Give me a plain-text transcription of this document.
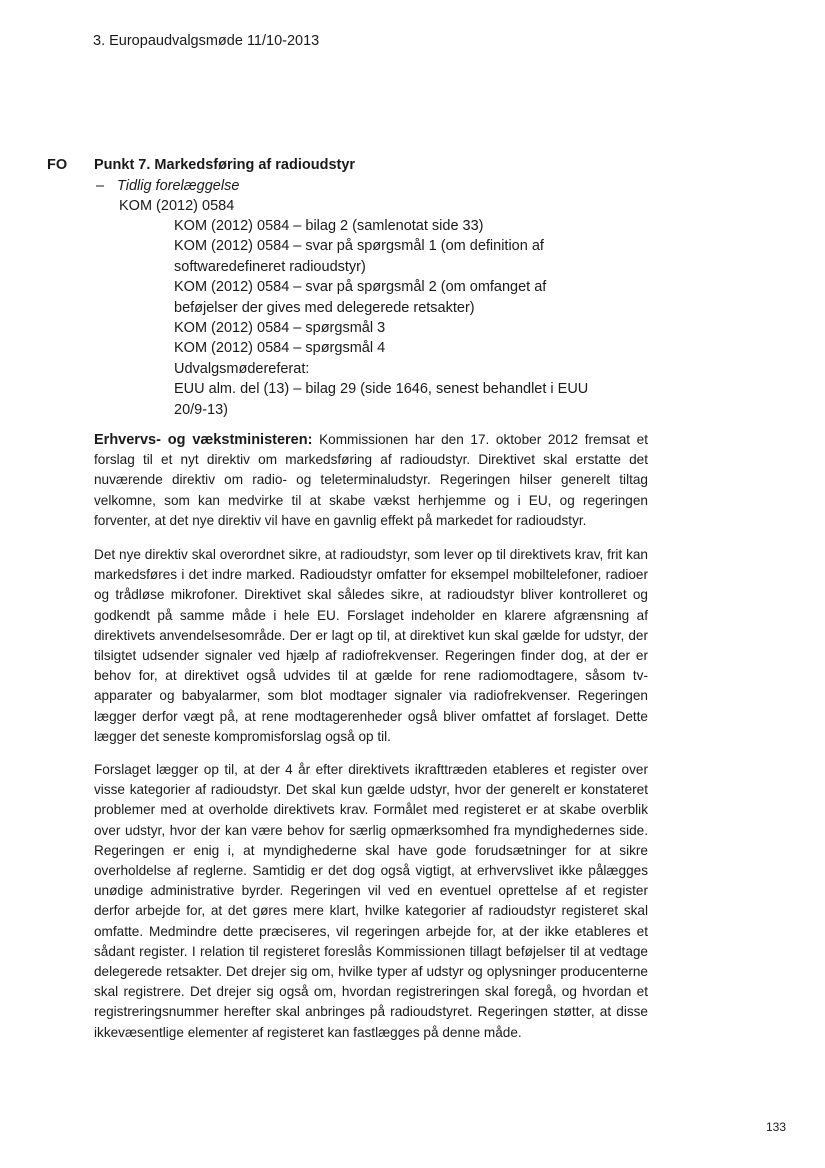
3. Europaudvalgsmøde 11/10-2013
FO Punkt 7. Markedsføring af radioudstyr
– Tidlig forelæggelse
KOM (2012) 0584
KOM (2012) 0584 – bilag 2 (samlenotat side 33)
KOM (2012) 0584 – svar på spørgsmål 1 (om definition af softwaredefineret radioudstyr)
KOM (2012) 0584 – svar på spørgsmål 2 (om omfanget af beføjelser der gives med delegerede retsakter)
KOM (2012) 0584 – spørgsmål 3
KOM (2012) 0584 – spørgsmål 4
Udvalgsmødereferat:
EUU alm. del (13) – bilag 29 (side 1646, senest behandlet i EUU 20/9-13)
Erhvervs- og vækstministeren: Kommissionen har den 17. oktober 2012 fremsat et forslag til et nyt direktiv om markedsføring af radioudstyr. Direktivet skal erstatte det nuværende direktiv om radio- og teleterminaludstyr. Regeringen hilser generelt tiltag velkomne, som kan medvirke til at skabe vækst herhjemme og i EU, og regeringen forventer, at det nye direktiv vil have en gavnlig effekt på markedet for radioudstyr.
Det nye direktiv skal overordnet sikre, at radioudstyr, som lever op til direktivets krav, frit kan markedsføres i det indre marked. Radioudstyr omfatter for eksempel mobiltelefoner, radioer og trådløse mikrofoner. Direktivet skal således sikre, at radioudstyr bliver kontrolleret og godkendt på samme måde i hele EU. Forslaget indeholder en klarere afgrænsning af direktivets anvendelsesområde. Der er lagt op til, at direktivet kun skal gælde for udstyr, der tilsigtet udsender signaler ved hjælp af radiofrekvenser. Regeringen finder dog, at der er behov for, at direktivet også udvides til at gælde for rene radiomodtagere, såsom tv-apparater og babyalarmer, som blot modtager signaler via radiofrekvenser. Regeringen lægger derfor vægt på, at rene modtagerenheder også bliver omfattet af forslaget. Dette lægger det seneste kompromisforslag også op til.
Forslaget lægger op til, at der 4 år efter direktivets ikrafttræden etableres et register over visse kategorier af radioudstyr. Det skal kun gælde udstyr, hvor der generelt er konstateret problemer med at overholde direktivets krav. Formålet med registeret er at skabe overblik over udstyr, hvor der kan være behov for særlig opmærksomhed fra myndighedernes side. Regeringen er enig i, at myndighederne skal have gode forudsætninger for at sikre overholdelse af reglerne. Samtidig er det dog også vigtigt, at erhvervslivet ikke pålægges unødige administrative byrder. Regeringen vil ved en eventuel oprettelse af et register derfor arbejde for, at det gøres mere klart, hvilke kategorier af radioudstyr registeret skal omfatte. Medmindre dette præciseres, vil regeringen arbejde for, at der ikke etableres et sådant register. I relation til registeret foreslås Kommissionen tillagt beføjelser til at vedtage delegerede retsakter. Det drejer sig om, hvilke typer af udstyr og oplysninger producenterne skal registrere. Det drejer sig også om, hvordan registreringen skal foregå, og hvordan et registreringsnummer herefter skal anbringes på radioudstyret. Regeringen støtter, at disse ikkevæsentlige elementer af registeret kan fastlægges på denne måde.
133
